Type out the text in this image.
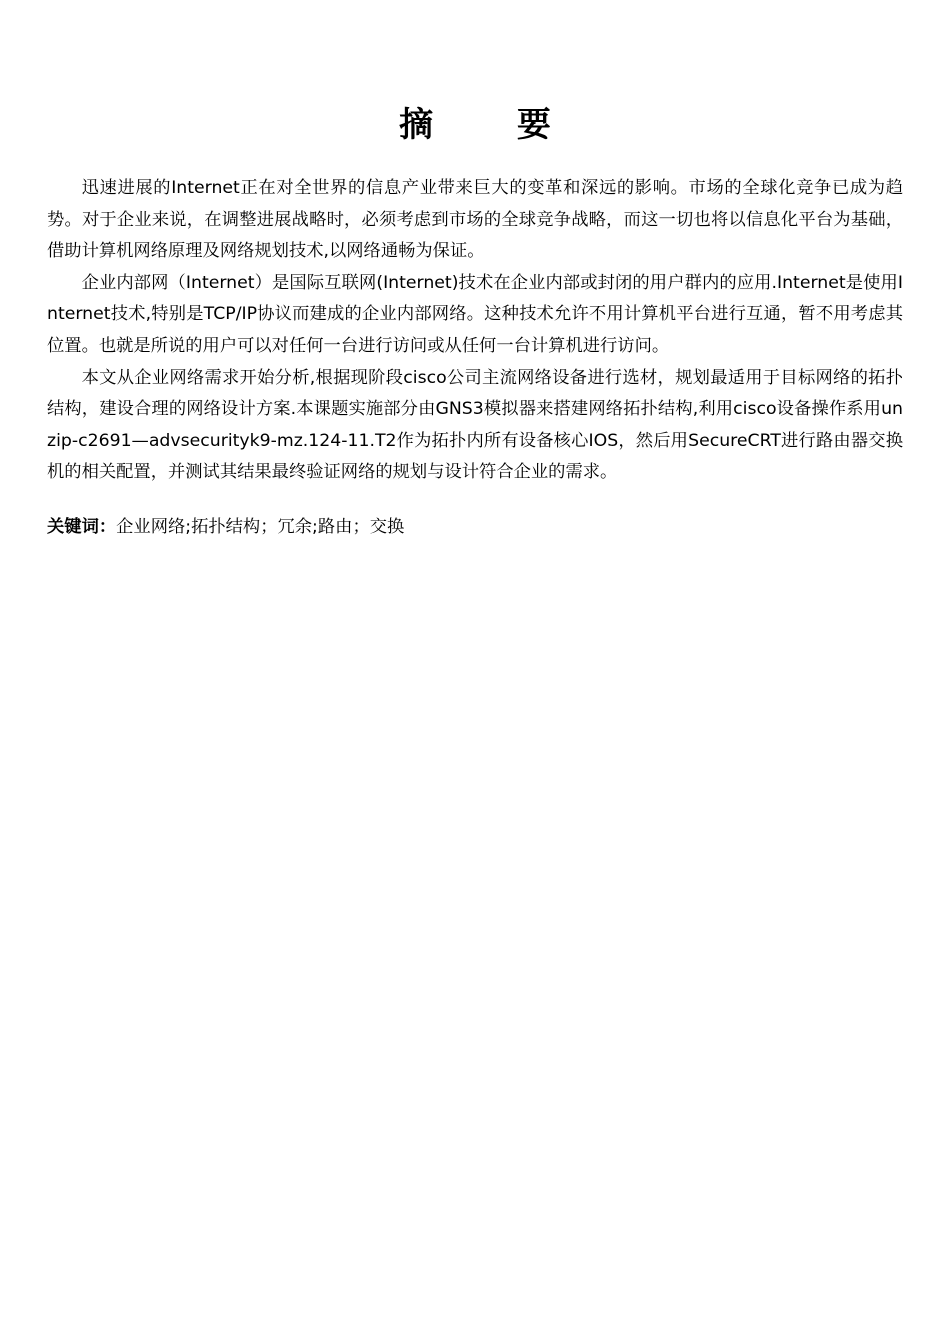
摘 要

迅速进展的Internet正在对全世界的信息产业带来巨大的变革和深远的影响。市场的全球化竞争已成为趋势。对于企业来说，在调整进展战略时，必须考虑到市场的全球竞争战略，而这一切也将以信息化平台为基础，借助计算机网络原理及网络规划技术,以网络通畅为保证。

企业内部网（Internet）是国际互联网(Internet)技术在企业内部或封闭的用户群内的应用.Internet是使用Internet技术,特别是TCP/IP协议而建成的企业内部网络。这种技术允许不用计算机平台进行互通，暂不用考虑其位置。也就是所说的用户可以对任何一台进行访问或从任何一台计算机进行访问。

本文从企业网络需求开始分析,根据现阶段cisco公司主流网络设备进行选材，规划最适用于目标网络的拓扑结构，建设合理的网络设计方案.本课题实施部分由GNS3模拟器来搭建网络拓扑结构,利用cisco设备操作系用unzip-c2691—advsecurityk9-mz.124-11.T2作为拓扑内所有设备核心IOS，然后用SecureCRT进行路由器交换机的相关配置，并测试其结果最终验证网络的规划与设计符合企业的需求。

关键词：企业网络;拓扑结构；冗余;路由；交换
